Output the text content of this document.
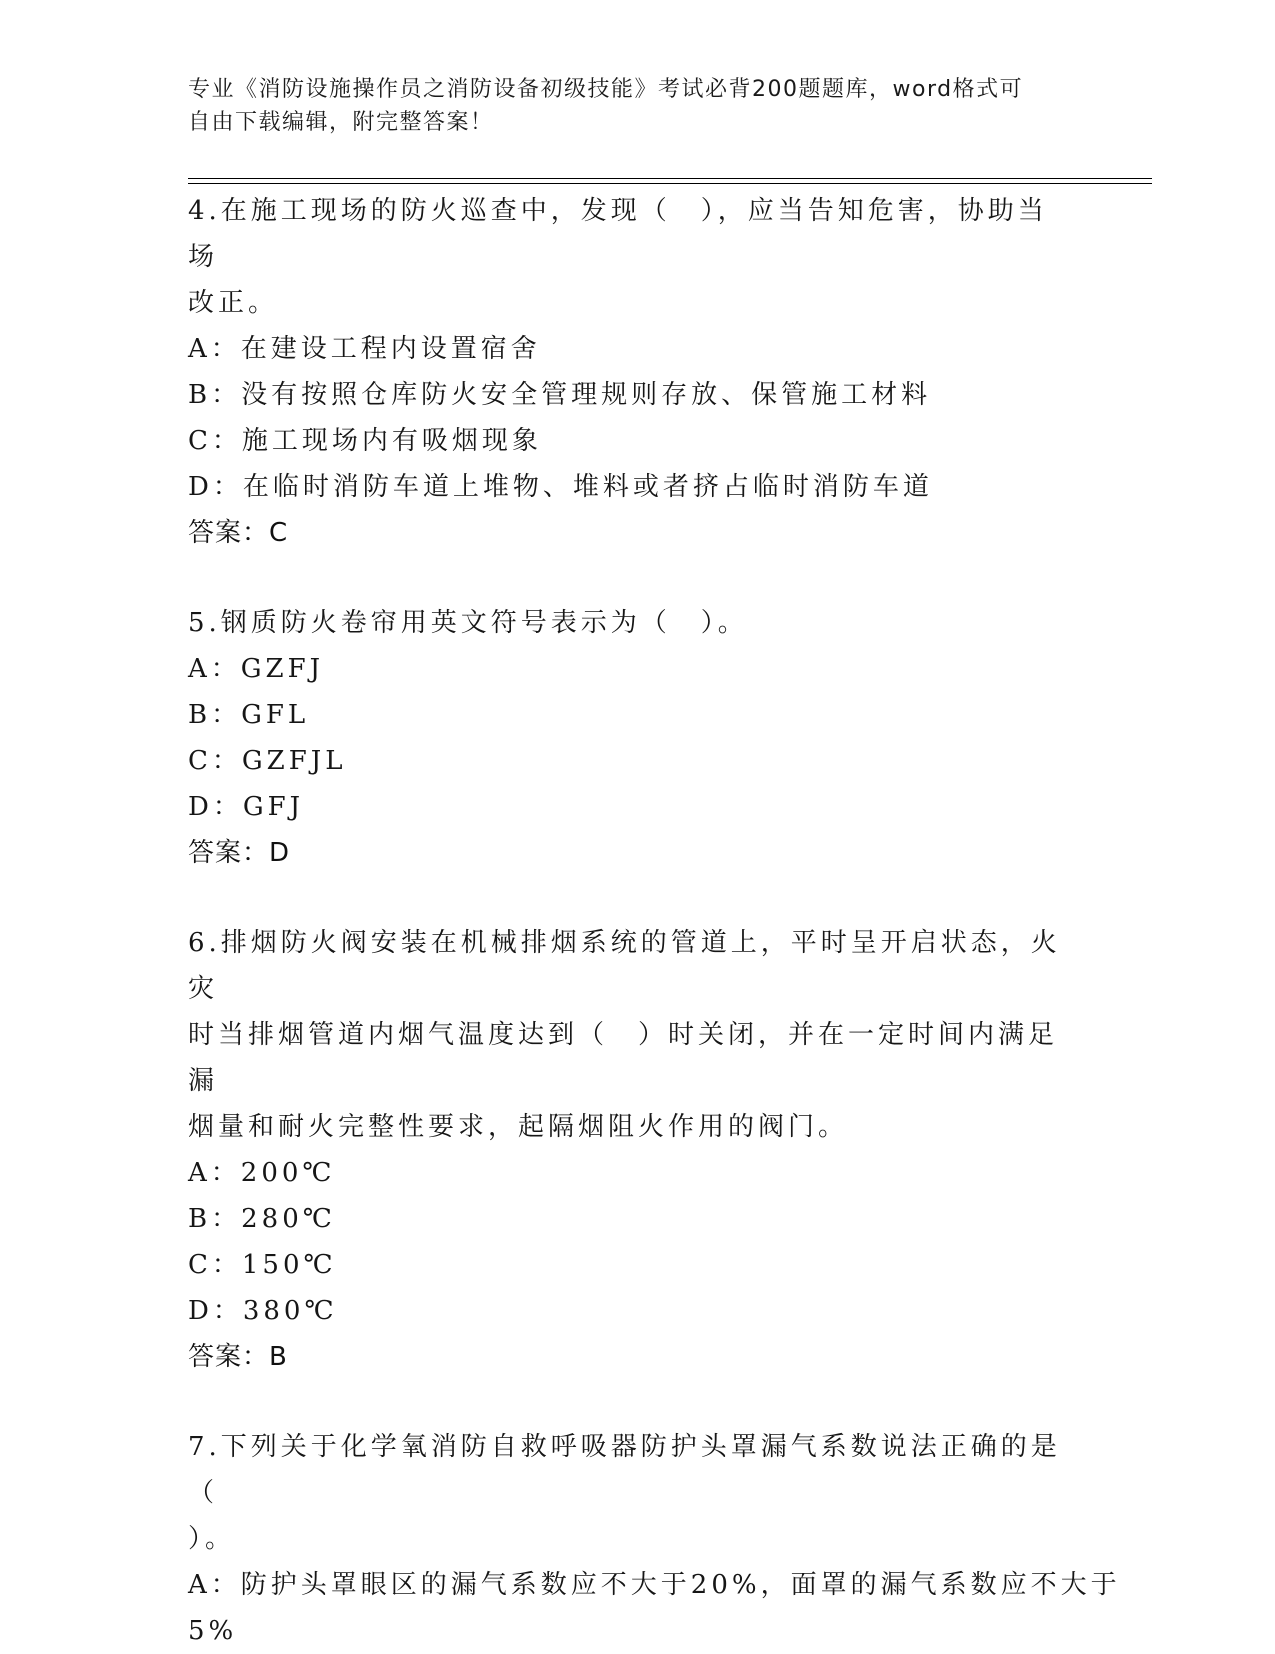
专业《消防设施操作员之消防设备初级技能》考试必背200题题库，word格式可
自由下载编辑，附完整答案！
4.在施工现场的防火巡查中，发现（　），应当告知危害，协助当场
改正。
A：在建设工程内设置宿舍
B：没有按照仓库防火安全管理规则存放、保管施工材料
C：施工现场内有吸烟现象
D：在临时消防车道上堆物、堆料或者挤占临时消防车道
答案：C
5.钢质防火卷帘用英文符号表示为（　）。
A：GZFJ
B：GFL
C：GZFJL
D：GFJ
答案：D
6.排烟防火阀安装在机械排烟系统的管道上，平时呈开启状态，火灾
时当排烟管道内烟气温度达到（　）时关闭，并在一定时间内满足漏
烟量和耐火完整性要求，起隔烟阻火作用的阀门。
A：200℃
B：280℃
C：150℃
D：380℃
答案：B
7.下列关于化学氧消防自救呼吸器防护头罩漏气系数说法正确的是（
）。
A：防护头罩眼区的漏气系数应不大于20%，面罩的漏气系数应不大于
5%
